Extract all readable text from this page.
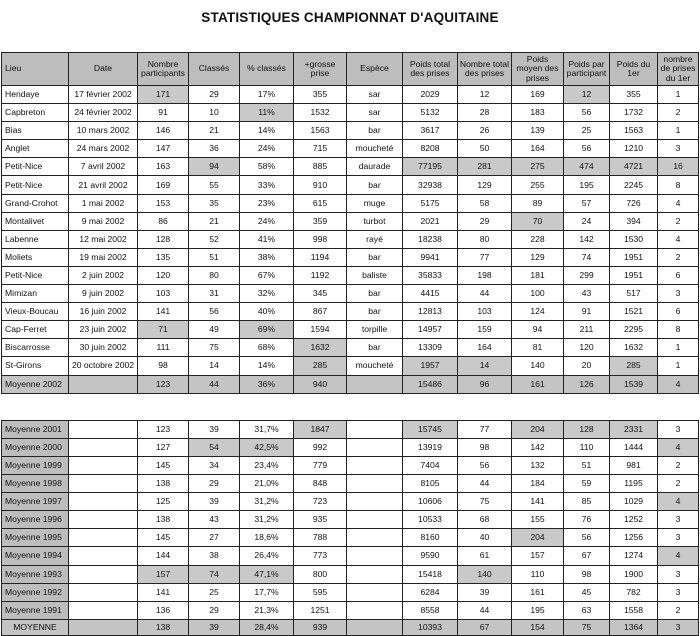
STATISTIQUES CHAMPIONNAT D'AQUITAINE
Lieu	Date	Nombre participants	Classés	% classés	+grosse prise	Espèce	Poids total des prises	Nombre total des prises	Poids moyen des prises	Poids par participant	Poids du 1er	nombre de prises du 1er
Hendaye	17 février 2002	171	29	17%	355	sar	2029	12	169	12	355	1
Capbreton	24 février 2002	91	10	11%	1532	sar	5132	28	183	56	1732	2
Bias	10 mars 2002	146	21	14%	1563	bar	3617	26	139	25	1563	1
Anglet	24 mars 2002	147	36	24%	715	moucheté	8208	50	164	56	1210	3
Petit-Nice	7 avril 2002	163	94	58%	885	daurade	77195	281	275	474	4721	16
Petit-Nice	21 avril 2002	169	55	33%	910	bar	32938	129	255	195	2245	8
Grand-Crohot	1 mai 2002	153	35	23%	615	muge	5175	58	89	57	726	4
Montalivet	9 mai 2002	86	21	24%	359	turbot	2021	29	70	24	394	2
Labenne	12 mai 2002	128	52	41%	998	rayé	18238	80	228	142	1530	4
Moliets	19 mai 2002	135	51	38%	1194	bar	9941	77	129	74	1951	2
Petit-Nice	2 juin 2002	120	80	67%	1192	baliste	35833	198	181	299	1951	6
Mimizan	9 juin 2002	103	31	32%	345	bar	4415	44	100	43	517	3
Vieux-Boucau	16 juin 2002	141	56	40%	867	bar	12813	103	124	91	1521	6
Cap-Ferret	23 juin 2002	71	49	69%	1594	torpille	14957	159	94	211	2295	8
Biscarrosse	30 juin 2002	111	75	68%	1632	bar	13309	164	81	120	1632	1
St-Girons	20 octobre 2002	98	14	14%	285	moucheté	1957	14	140	20	285	1
Moyenne 2002		123	44	36%	940		15486	96	161	126	1539	4

Moyenne 2001		123	39	31,7%	1847		15745	77	204	128	2331	3
Moyenne 2000		127	54	42,5%	992		13919	98	142	110	1444	4
Moyenne 1999		145	34	23,4%	779		7404	56	132	51	981	2
Moyenne 1998		138	29	21,0%	848		8105	44	184	59	1195	2
Moyenne 1997		125	39	31,2%	723		10606	75	141	85	1029	4
Moyenne 1996		138	43	31,2%	935		10533	68	155	76	1252	3
Moyenne 1995		145	27	18,6%	788		8160	40	204	56	1256	3
Moyenne 1994		144	38	26,4%	773		9590	61	157	67	1274	4
Moyenne 1993		157	74	47,1%	800		15418	140	110	98	1900	3
Moyenne 1992		141	25	17,7%	595		6284	39	161	45	782	3
Moyenne 1991		136	29	21,3%	1251		8558	44	195	63	1558	2
MOYENNE		138	39	28,4%	939		10393	67	154	75	1364	3
